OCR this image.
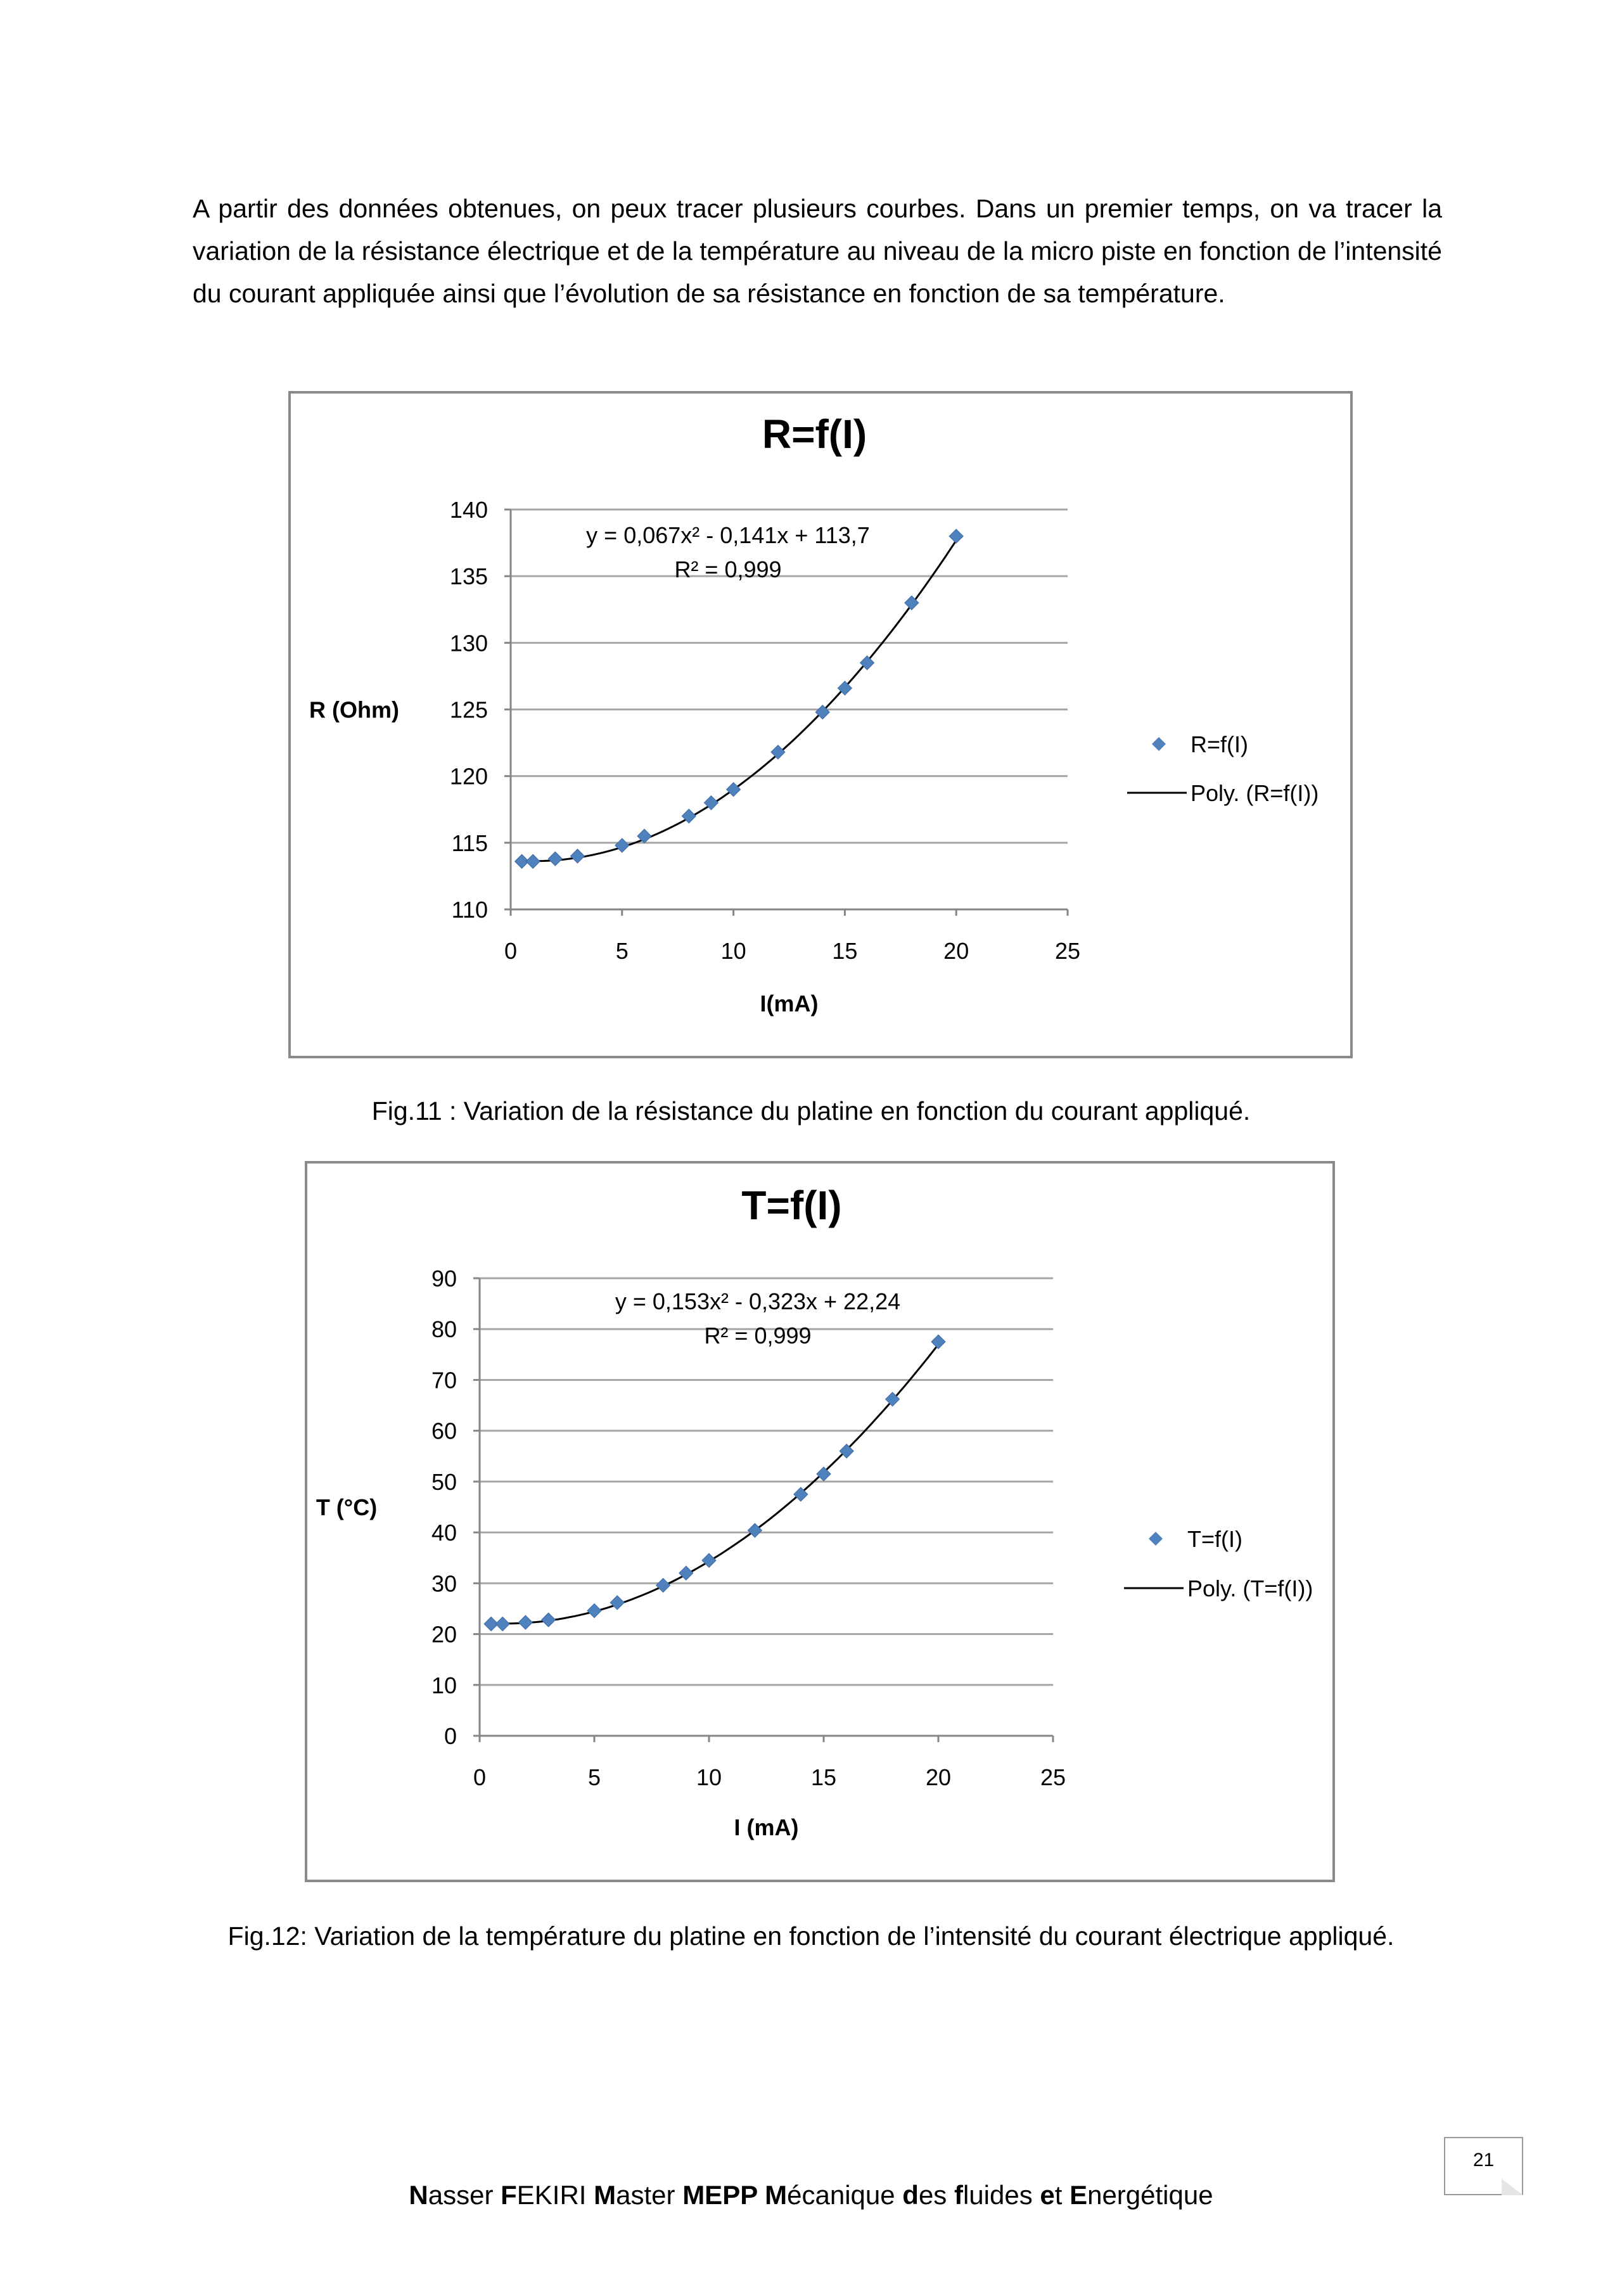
A partir des données obtenues, on peux tracer plusieurs courbes. Dans un premier temps, on va tracer la variation de la résistance électrique et de la température au niveau de la micro piste en fonction de l’intensité du courant appliquée ainsi que l’évolution de sa résistance en fonction de sa température.

110
115
120
125
130
135
140
0	5	10	15	20	25
R=f(I)
R (Ohm)
I(mA)
y = 0,067x² - 0,141x + 113,7
R² = 0,999
R=f(I)
Poly. (R=f(I))

Fig.11 : Variation de la résistance du platine en fonction du courant appliqué.

0
10
20
30
40
50
60
70
80
90
0	5	10	15	20	25
T=f(I)
T (°C)
I (mA)
y = 0,153x² - 0,323x + 22,24
R² = 0,999
T=f(I)
Poly. (T=f(I))

Fig.12: Variation de la température du platine en fonction de l’intensité du courant électrique appliqué.

21
Nasser FEKIRI Master MEPP Mécanique des fluides et Energétique
